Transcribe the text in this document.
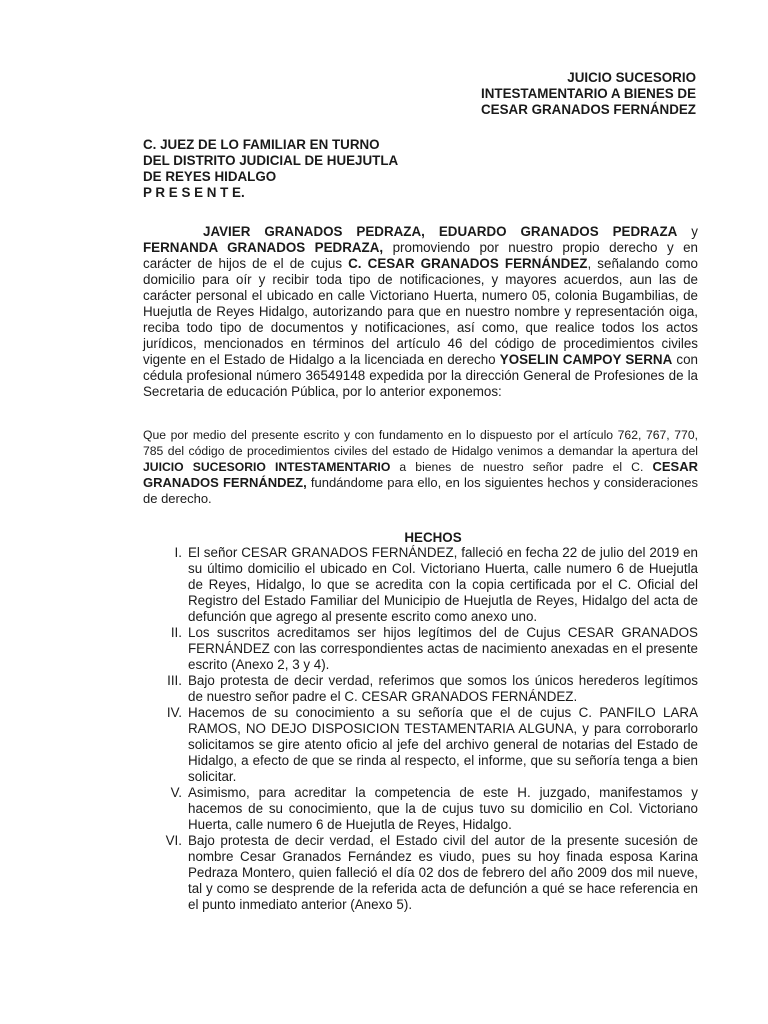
JUICIO SUCESORIO
INTESTAMENTARIO A BIENES DE
CESAR GRANADOS FERNÁNDEZ
C. JUEZ DE LO FAMILIAR EN TURNO
DEL DISTRITO JUDICIAL DE HUEJUTLA
DE REYES HIDALGO
P R E S E N T E.
JAVIER GRANADOS PEDRAZA, EDUARDO GRANADOS PEDRAZA y FERNANDA GRANADOS PEDRAZA, promoviendo por nuestro propio derecho y en carácter de hijos de el de cujus C. CESAR GRANADOS FERNÁNDEZ, señalando como domicilio para oír y recibir toda tipo de notificaciones, y mayores acuerdos, aun las de carácter personal el ubicado en calle Victoriano Huerta, numero 05, colonia Bugambilias, de Huejutla de Reyes Hidalgo, autorizando para que en nuestro nombre y representación oiga, reciba todo tipo de documentos y notificaciones, así como, que realice todos los actos jurídicos, mencionados en términos del artículo 46 del código de procedimientos civiles vigente en el Estado de Hidalgo a la licenciada en derecho YOSELIN CAMPOY SERNA con cédula profesional número 36549148 expedida por la dirección General de Profesiones de la Secretaria de educación Pública, por lo anterior exponemos:
Que por medio del presente escrito y con fundamento en lo dispuesto por el artículo 762, 767, 770, 785 del código de procedimientos civiles del estado de Hidalgo venimos a demandar la apertura del JUICIO SUCESORIO INTESTAMENTARIO a bienes de nuestro señor padre el C. CESAR GRANADOS FERNÁNDEZ, fundándome para ello, en los siguientes hechos y consideraciones de derecho.
HECHOS
I. El señor CESAR GRANADOS FERNÁNDEZ, falleció en fecha 22 de julio del 2019 en su último domicilio el ubicado en Col. Victoriano Huerta, calle numero 6 de Huejutla de Reyes, Hidalgo, lo que se acredita con la copia certificada por el C. Oficial del Registro del Estado Familiar del Municipio de Huejutla de Reyes, Hidalgo del acta de defunción que agrego al presente escrito como anexo uno.
II. Los suscritos acreditamos ser hijos legítimos del de Cujus CESAR GRANADOS FERNÁNDEZ con las correspondientes actas de nacimiento anexadas en el presente escrito (Anexo 2, 3 y 4).
III. Bajo protesta de decir verdad, referimos que somos los únicos herederos legítimos de nuestro señor padre el C. CESAR GRANADOS FERNÁNDEZ.
IV. Hacemos de su conocimiento a su señoría que el de cujus C. PANFILO LARA RAMOS, NO DEJO DISPOSICION TESTAMENTARIA ALGUNA, y para corroborarlo solicitamos se gire atento oficio al jefe del archivo general de notarias del Estado de Hidalgo, a efecto de que se rinda al respecto, el informe, que su señoría tenga a bien solicitar.
V. Asimismo, para acreditar la competencia de este H. juzgado, manifestamos y hacemos de su conocimiento, que la de cujus tuvo su domicilio en Col. Victoriano Huerta, calle numero 6 de Huejutla de Reyes, Hidalgo.
VI. Bajo protesta de decir verdad, el Estado civil del autor de la presente sucesión de nombre Cesar Granados Fernández es viudo, pues su hoy finada esposa Karina Pedraza Montero, quien falleció el día 02 dos de febrero del año 2009 dos mil nueve, tal y como se desprende de la referida acta de defunción a qué se hace referencia en el punto inmediato anterior (Anexo 5).
